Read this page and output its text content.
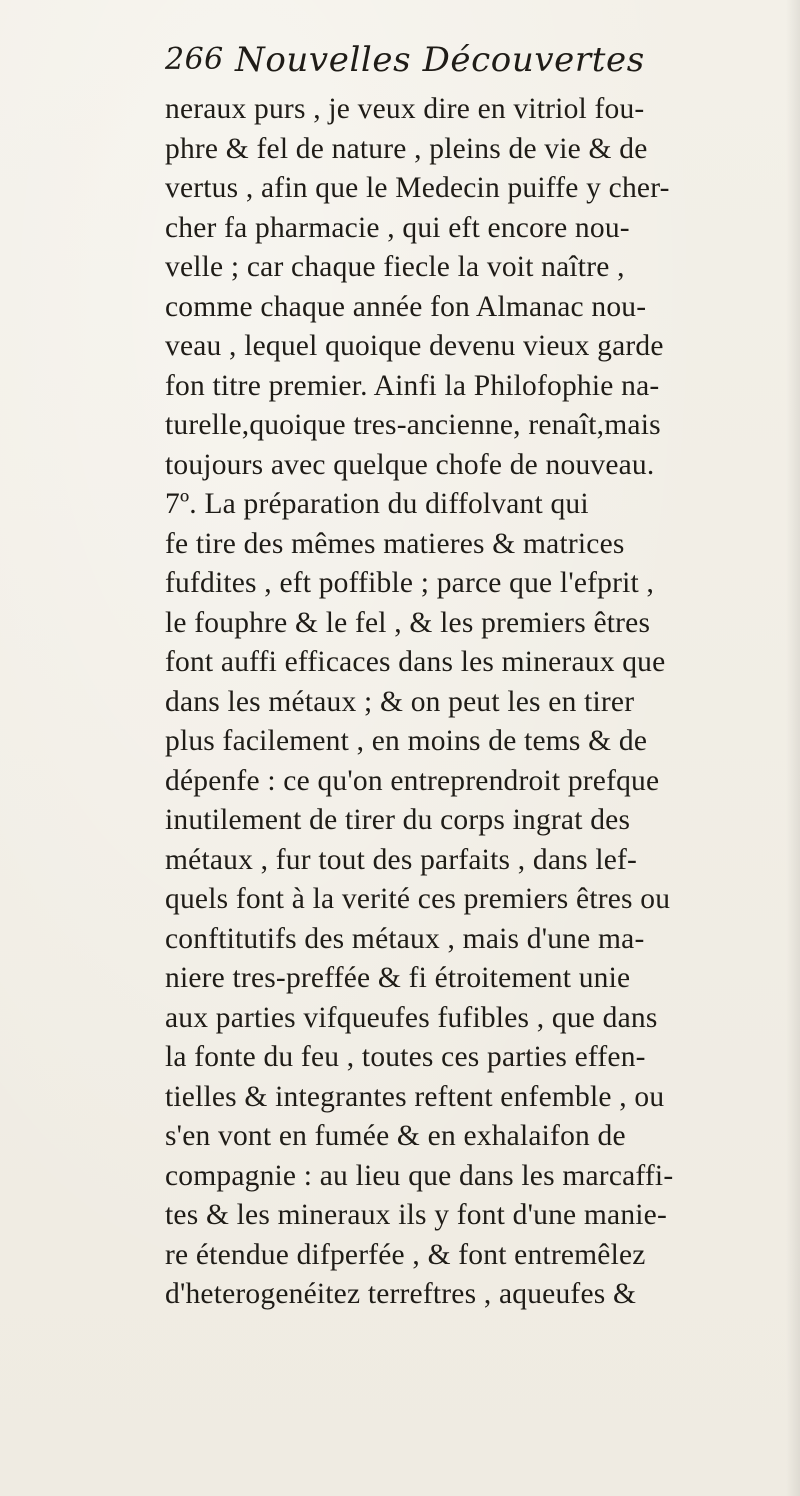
266 Nouvelles Découvertes
neraux purs , je veux dire en vitriol fou-
phre & fel de nature , pleins de vie & de
vertus , afin que le Medecin puiffe y cher-
cher fa pharmacie , qui eft encore nou-
velle ; car chaque fiecle la voit naître ,
comme chaque année fon Almanac nou-
veau , lequel quoique devenu vieux garde
fon titre premier. Ainfi la Philofophie na-
turelle,quoique tres-ancienne, renaît,mais
toujours avec quelque chofe de nouveau.
7º. La préparation du diffolvant qui
fe tire des mêmes matieres & matrices
fufdites , eft poffible ; parce que l'efprit ,
le fouphre & le fel , & les premiers êtres
font auffi efficaces dans les mineraux que
dans les métaux ; & on peut les en tirer
plus facilement , en moins de tems & de
dépenfe : ce qu'on entreprendroit prefque
inutilement de tirer du corps ingrat des
métaux , fur tout des parfaits , dans lef-
quels font à la verité ces premiers êtres ou
conftitutifs des métaux , mais d'une ma-
niere tres-preffée & fi étroitement unie
aux parties vifqueufes fufibles , que dans
la fonte du feu , toutes ces parties effen-
tielles & integrantes reftent enfemble , ou
s'en vont en fumée & en exhalaifon de
compagnie : au lieu que dans les marcaffi-
tes & les mineraux ils y font d'une manie-
re étendue difperfée , & font entremêlez
d'heterogenéitez terreftres , aqueufes &
